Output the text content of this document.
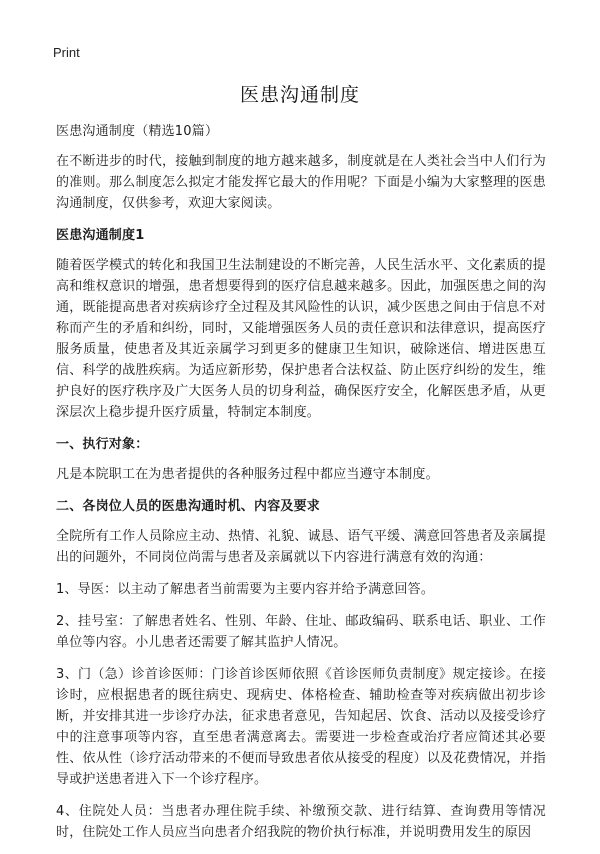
Print
医患沟通制度

医患沟通制度（精选10篇）

在不断进步的时代，接触到制度的地方越来越多，制度就是在人类社会当中人们行为的准则。那么制度怎么拟定才能发挥它最大的作用呢？下面是小编为大家整理的医患沟通制度，仅供参考，欢迎大家阅读。

医患沟通制度1

随着医学模式的转化和我国卫生法制建设的不断完善，人民生活水平、文化素质的提高和维权意识的增强，患者想要得到的医疗信息越来越多。因此，加强医患之间的沟通，既能提高患者对疾病诊疗全过程及其风险性的认识，减少医患之间由于信息不对称而产生的矛盾和纠纷，同时，又能增强医务人员的责任意识和法律意识，提高医疗服务质量，使患者及其近亲属学习到更多的健康卫生知识，破除迷信、增进医患互信、科学的战胜疾病。为适应新形势，保护患者合法权益、防止医疗纠纷的发生，维护良好的医疗秩序及广大医务人员的切身利益，确保医疗安全，化解医患矛盾，从更深层次上稳步提升医疗质量，特制定本制度。

一、执行对象：

凡是本院职工在为患者提供的各种服务过程中都应当遵守本制度。

二、各岗位人员的医患沟通时机、内容及要求

全院所有工作人员除应主动、热情、礼貌、诚恳、语气平缓、满意回答患者及亲属提出的问题外，不同岗位尚需与患者及亲属就以下内容进行满意有效的沟通：

1、导医：以主动了解患者当前需要为主要内容并给予满意回答。

2、挂号室：了解患者姓名、性别、年龄、住址、邮政编码、联系电话、职业、工作单位等内容。小儿患者还需要了解其监护人情况。

3、门（急）诊首诊医师：门诊首诊医师依照《首诊医师负责制度》规定接诊。在接诊时，应根据患者的既往病史、现病史、体格检查、辅助检查等对疾病做出初步诊断，并安排其进一步诊疗办法，征求患者意见，告知起居、饮食、活动以及接受诊疗中的注意事项等内容，直至患者满意离去。需要进一步检查或治疗者应简述其必要性、依从性（诊疗活动带来的不便而导致患者依从接受的程度）以及花费情况，并指导或护送患者进入下一个诊疗程序。

4、住院处人员：当患者办理住院手续、补缴预交款、进行结算、查询费用等情况时，住院处工作人员应当向患者介绍我院的物价执行标准，并说明费用发生的原因
